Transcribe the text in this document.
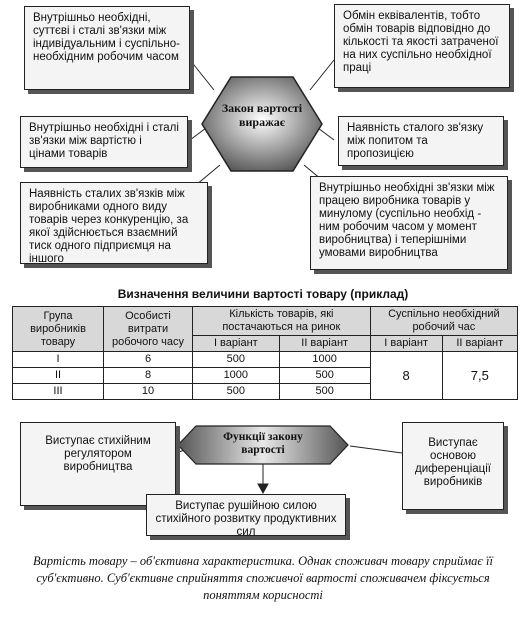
Закон вартості виражає
Внутрішньо необхідні, суттєві і сталі зв'язки між індивідуальним і суспільно-необхідним робочим часом
Внутрішньо необхідні і сталі зв'язки між вартістю і цінами товарів
Наявність сталих зв'язків між виробниками одного виду товарів через конкуренцію, за якої здійснюється взаємний тиск одного підприємця на іншого
Обмін еквівалентів, тобто обмін товарів відповідно до кількості та якості затраченої на них суспільно необхідної праці
Наявність сталого зв'язку між попитом та пропозицією
Внутрішньо необхідні зв'язки між працею виробника товарів у минулому (суспільно необхід - ним робочим часом у момент виробництва) і теперішніми умовами виробництва
Визначення величини вартості товару (приклад)
Група виробників товару	Особисті витрати робочого часу	Кількість товарів, які постачаються на ринок		Суспільно необхідний робочий час	
		I варіант	II варіант	I варіант	II варіант
I	6	500	1000	8	7,5
II	8	1000	500		
III	10	500	500		
Функції закону вартості
Виступає стихійним регулятором виробництва
Виступає рушійною силою стихійного розвитку продуктивних сил
Виступає основою диференціації виробників
Вартість товару – об'єктивна характеристика. Однак споживач товару сприймає її суб'єктивно. Суб'єктивне сприйняття споживчої вартості споживачем фіксується поняттям корисності
